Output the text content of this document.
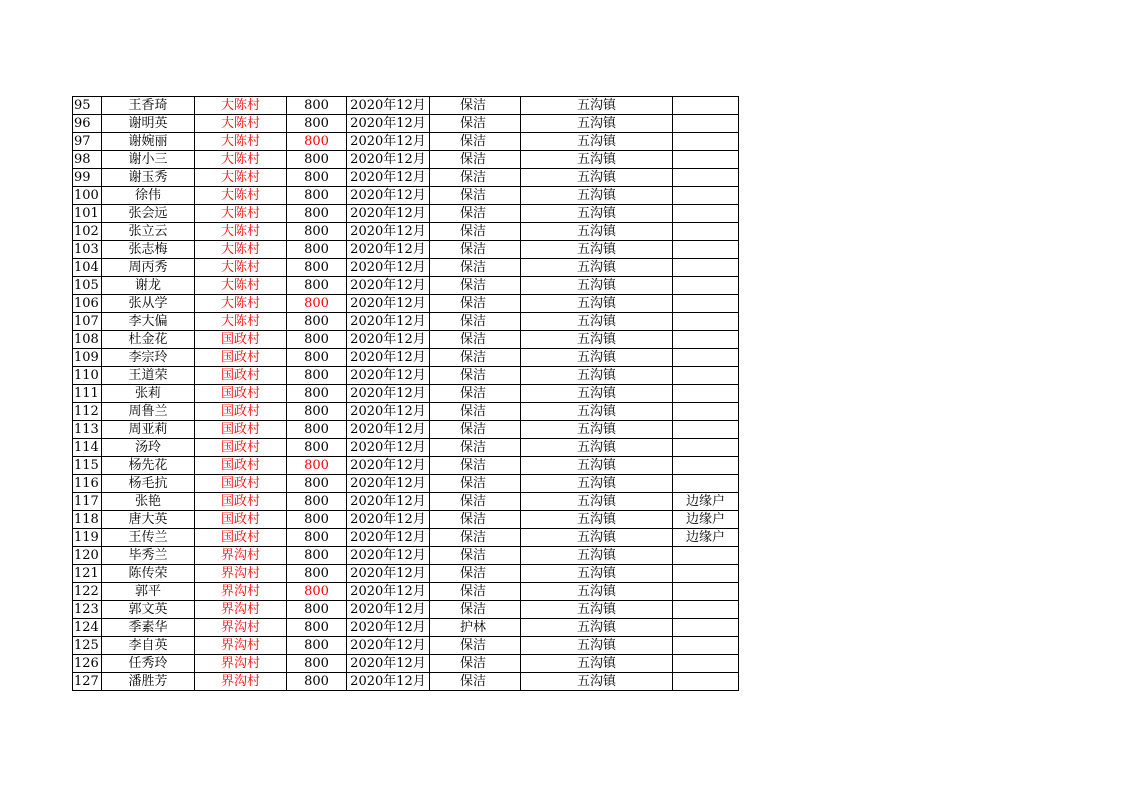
95	王香琦	大陈村	800	2020年12月	保洁	五沟镇	
96	谢明英	大陈村	800	2020年12月	保洁	五沟镇	
97	谢婉丽	大陈村	800	2020年12月	保洁	五沟镇	
98	谢小三	大陈村	800	2020年12月	保洁	五沟镇	
99	谢玉秀	大陈村	800	2020年12月	保洁	五沟镇	
100	徐伟	大陈村	800	2020年12月	保洁	五沟镇	
101	张会远	大陈村	800	2020年12月	保洁	五沟镇	
102	张立云	大陈村	800	2020年12月	保洁	五沟镇	
103	张志梅	大陈村	800	2020年12月	保洁	五沟镇	
104	周丙秀	大陈村	800	2020年12月	保洁	五沟镇	
105	谢龙	大陈村	800	2020年12月	保洁	五沟镇	
106	张从学	大陈村	800	2020年12月	保洁	五沟镇	
107	李大偏	大陈村	800	2020年12月	保洁	五沟镇	
108	杜金花	国政村	800	2020年12月	保洁	五沟镇	
109	李宗玲	国政村	800	2020年12月	保洁	五沟镇	
110	王道荣	国政村	800	2020年12月	保洁	五沟镇	
111	张莉	国政村	800	2020年12月	保洁	五沟镇	
112	周鲁兰	国政村	800	2020年12月	保洁	五沟镇	
113	周亚莉	国政村	800	2020年12月	保洁	五沟镇	
114	汤玲	国政村	800	2020年12月	保洁	五沟镇	
115	杨先花	国政村	800	2020年12月	保洁	五沟镇	
116	杨毛抗	国政村	800	2020年12月	保洁	五沟镇	
117	张艳	国政村	800	2020年12月	保洁	五沟镇	边缘户
118	唐大英	国政村	800	2020年12月	保洁	五沟镇	边缘户
119	王传兰	国政村	800	2020年12月	保洁	五沟镇	边缘户
120	毕秀兰	界沟村	800	2020年12月	保洁	五沟镇	
121	陈传荣	界沟村	800	2020年12月	保洁	五沟镇	
122	郭平	界沟村	800	2020年12月	保洁	五沟镇	
123	郭文英	界沟村	800	2020年12月	保洁	五沟镇	
124	季素华	界沟村	800	2020年12月	护林	五沟镇	
125	李自英	界沟村	800	2020年12月	保洁	五沟镇	
126	任秀玲	界沟村	800	2020年12月	保洁	五沟镇	
127	潘胜芳	界沟村	800	2020年12月	保洁	五沟镇	
